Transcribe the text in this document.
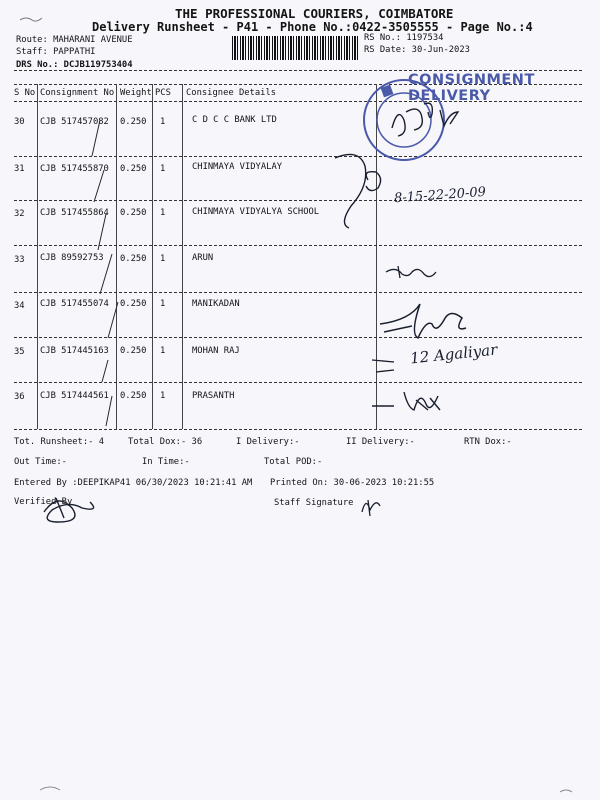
THE PROFESSIONAL COURIERS, COIMBATORE
Delivery Runsheet - P41 - Phone No.:0422-3505555 - Page No.:4
Route: MAHARANI AVENUE
Staff: PAPPATHI
DRS No.: DCJB119753404
RS No.: 1197534
RS Date: 30-Jun-2023
CONSIGNMENT DELIVERY
S No Consignment No Weight PCS Consignee Details
30 CJB 517457082 0.250 1	C D C C BANK LTD
31 CJB 517455870 0.250 1	CHINMAYA VIDYALAY
32 CJB 517455864 0.250 1	CHINMAYA VIDYALYA SCHOOL
33 CJB 89592753 0.250 1	ARUN
34 CJB 517455074 0.250 1	MANIKADAN
35 CJB 517445163 0.250 1	MOHAN RAJ
36 CJB 517444561 0.250 1	PRASANTH
Tot. Runsheet:- 4	Total Dox:- 36	I Delivery:-	II Delivery:-	RTN Dox:-
Out Time:-	In Time:-	Total POD:-
Entered By :DEEPIKAP41 06/30/2023 10:21:41 AM Printed On: 30-06-2023 10:21:55
Verified By	Staff Signature
8-15-22-20-09
12 Agaliyar
